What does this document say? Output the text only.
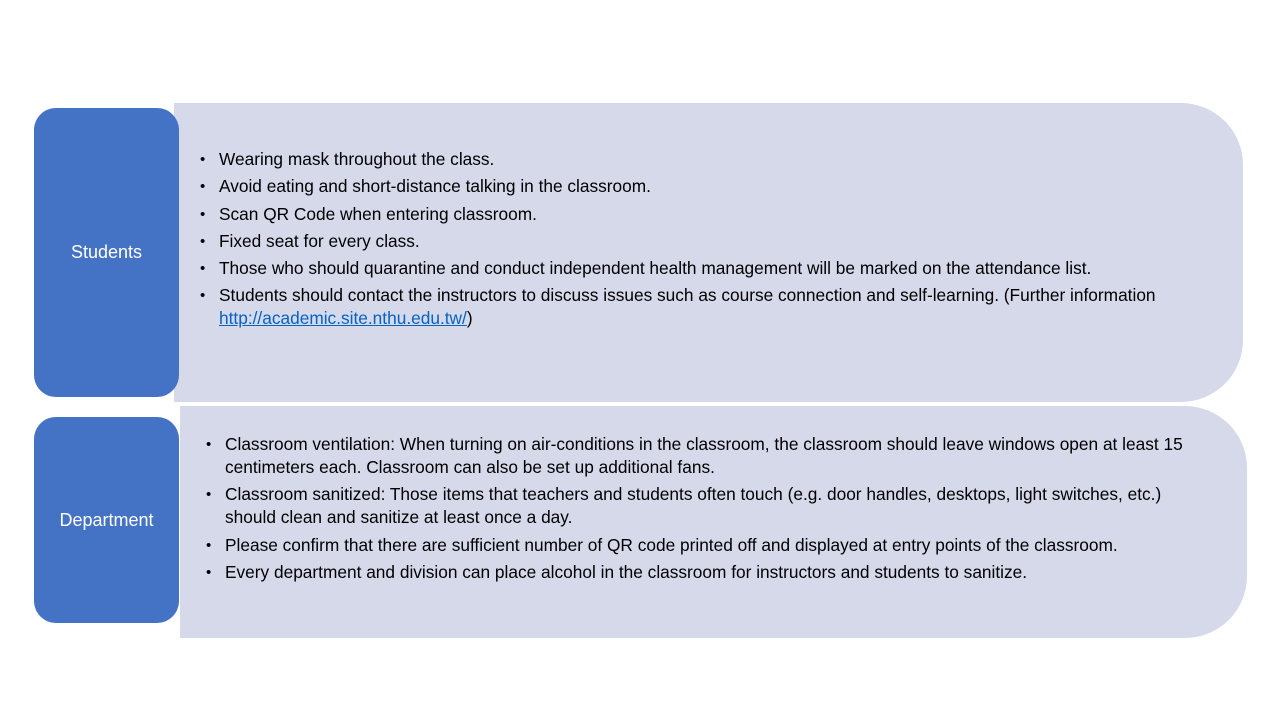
Students
• Wearing mask throughout the class.
• Avoid eating and short-distance talking in the classroom.
• Scan QR Code when entering classroom.
• Fixed seat for every class.
• Those who should quarantine and conduct independent health management will be marked on the attendance list.
• Students should contact the instructors to discuss issues such as course connection and self-learning. (Further information http://academic.site.nthu.edu.tw/)
Department
• Classroom ventilation: When turning on air-conditions in the classroom, the classroom should leave windows open at least 15 centimeters each. Classroom can also be set up additional fans.
• Classroom sanitized: Those items that teachers and students often touch (e.g. door handles, desktops, light switches, etc.) should clean and sanitize at least once a day.
• Please confirm that there are sufficient number of QR code printed off and displayed at entry points of the classroom.
• Every department and division can place alcohol in the classroom for instructors and students to sanitize.
